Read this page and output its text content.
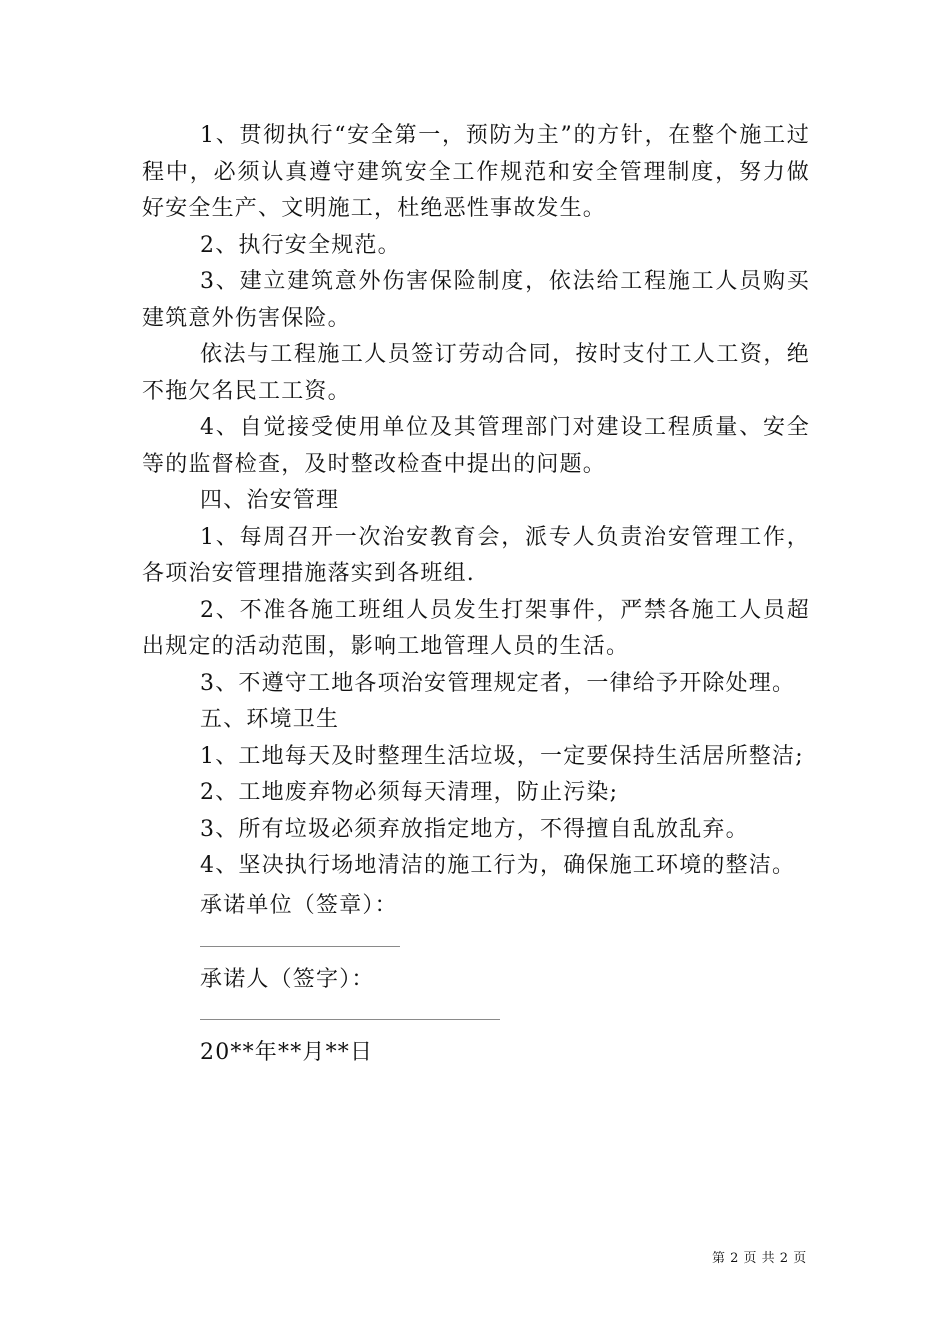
1、贯彻执行“安全第一，预防为主”的方针，在整个施工过程中，必须认真遵守建筑安全工作规范和安全管理制度，努力做好安全生产、文明施工，杜绝恶性事故发生。

2、执行安全规范。

3、建立建筑意外伤害保险制度，依法给工程施工人员购买建筑意外伤害保险。

依法与工程施工人员签订劳动合同，按时支付工人工资，绝不拖欠名民工工资。

4、自觉接受使用单位及其管理部门对建设工程质量、安全等的监督检查，及时整改检查中提出的问题。

四、治安管理

1、每周召开一次治安教育会，派专人负责治安管理工作，各项治安管理措施落实到各班组.

2、不准各施工班组人员发生打架事件，严禁各施工人员超出规定的活动范围，影响工地管理人员的生活。

3、不遵守工地各项治安管理规定者，一律给予开除处理。

五、环境卫生

1、工地每天及时整理生活垃圾，一定要保持生活居所整洁;

2、工地废弃物必须每天清理，防止污染;

3、所有垃圾必须弃放指定地方，不得擅自乱放乱弃。

4、坚决执行场地清洁的施工行为，确保施工环境的整洁。

承诺单位（签章）：
承诺人（签字）：
20**年**月**日
第 2 页 共 2 页
